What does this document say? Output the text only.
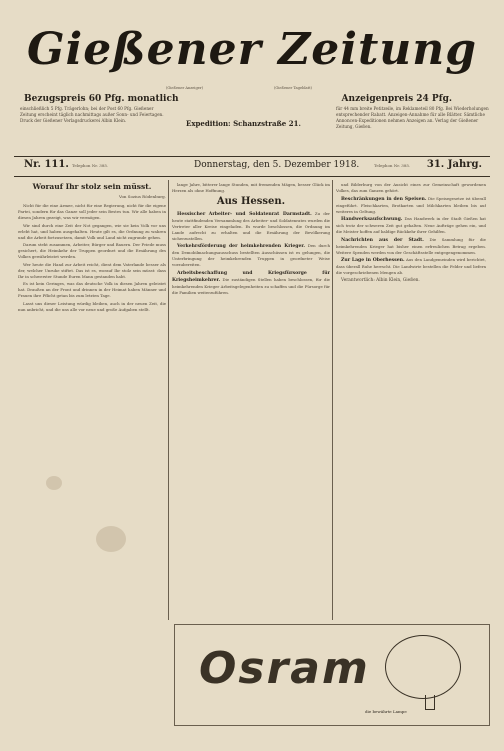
Gießener Zeitung
(Gießener Anzeiger)	(Gießener Tageblatt)
Bezugspreis 60 Pfg. monatlich	Anzeigenpreis 24 Pfg.
einschließlich 5 Pfg. Trägerlohn; bei der Post 60 Pfg. Gießener Zeitung erscheint täglich nachmittags außer Sonn- und Feiertagen. Druck der Gießener Verlagsdruckerei Albin Klein.
für 44 mm breite Petitzeile, im Reklameteil 80 Pfg. Bei Wiederholungen entsprechender Rabatt. Anzeigen-Annahme für alle Blätter. Sämtliche Annoncen-Expeditionen nehmen Anzeigen an. Verlag der Gießener Zeitung, Gießen.
Expedition: Schanzstraße 21.
Nr. 111. Telephon Nr. 385.	Donnerstag, den 5. Dezember 1918.	Telephon Nr. 385. 31. Jahrg.
Worauf Ihr stolz sein müsst.
Von Sozius Rödenburg.

Nicht für die eine Armee, nicht für eine Regierung, nicht für die eigene Partei, sondern für das Ganze soll jeder sein Bestes tun. Wir alle haben in diesen Jahren gezeigt, was wir vermögen.

Wir sind durch eine Zeit der Not gegangen, wie sie kein Volk vor uns erlebt hat, und haben ausgehalten. Heute gilt es, die Ordnung zu wahren und die Arbeit fortzusetzen, damit Volk und Land nicht zugrunde gehen.

Darum steht zusammen, Arbeiter, Bürger und Bauern. Der Friede muss gesichert, die Heimkehr der Truppen geordnet und die Ernährung des Volkes gewährleistet werden.

Wer heute die Hand zur Arbeit reicht, dient dem Vaterlande besser als der, welcher Unruhe stiftet. Das ist es, worauf Ihr stolz sein müsst: dass Ihr in schwerster Stunde Euren Mann gestanden habt.

Es ist kein Geringes, was das deutsche Volk in diesen Jahren geleistet hat. Draußen an der Front und drinnen in der Heimat haben Männer und Frauen ihre Pflicht getan bis zum letzten Tage.

Lasst uns dieser Leistung würdig bleiben, auch in der neuen Zeit, die nun anbricht, und die uns alle vor neue und große Aufgaben stellt.

lange Jahre, bitterer lange Stunden, mit fremenden Mägen, besser Glück im Herzen als ohne Hoffnung.

Aus Hessen.

Hessischer Arbeiter- und Soldatenrat Darmstadt. Zu der heute stattfindenden Versammlung des Arbeiter- und Soldatenrates wurden die Vertreter aller Kreise eingeladen. Es wurde beschlossen, die Ordnung im Lande aufrecht zu erhalten und die Ernährung der Bevölkerung sicherzustellen.

Verkehrsförderung der heimkehrenden Krieger. Den durch den Demobilmachungsausschuss bestellten Ausschüssen ist es gelungen, die Unterbringung der heimkehrenden Truppen in geordneter Weise vorzubereiten.

Arbeitsbeschaffung und Kriegsfürsorge für Kriegsheimkehrer. Die zuständigen Stellen haben beschlossen, für die heimkehrenden Krieger Arbeitsgelegenheiten zu schaffen und die Fürsorge für die Familien weiterzuführen.

und Bilderburg von der Ausicht eines zur Gemeinschaft gewordenen Volkes, das zum Ganzen gehört.

Beschränkungen in den Speisen. Die Speisegesetze ist überall eingeführt. Fleischkarten, Brotkarten und Milchkarten bleiben bis auf weiteres in Geltung.

Handwerksaufschwung. Das Handwerk in der Stadt Gießen hat sich trotz der schweren Zeit gut gehalten. Neue Aufträge gehen ein, und die Meister hoffen auf baldige Rückkehr ihrer Gehilfen.

Nachrichten aus der Stadt. Die Sammlung für die heimkehrenden Krieger hat bisher einen erfreulichen Betrag ergeben. Weitere Spenden werden von der Geschäftsstelle entgegengenommen.

Zur Lage in Oberhessen. Aus den Landgemeinden wird berichtet, dass überall Ruhe herrscht. Die Landwirte bestellen die Felder und liefern die vorgeschriebenen Mengen ab.

Verantwortlich: Albin Klein, Gießen.

Osram
die bewährte Lampe
